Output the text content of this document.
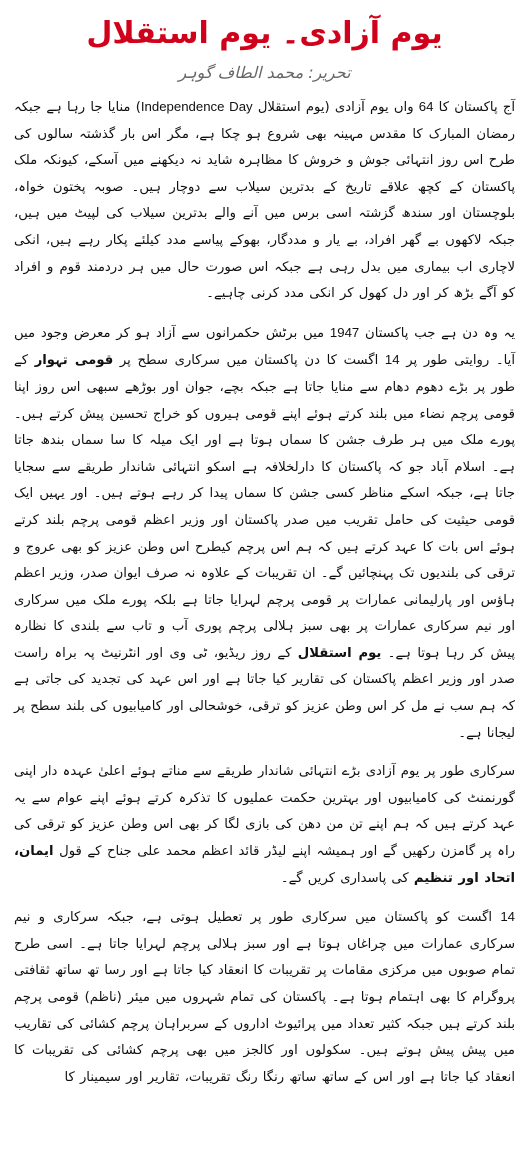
یوم آزادی۔ یوم استقلال
تحریر: محمد الطاف گوہر

آج پاکستان کا 64 واں یوم آزادی (یوم استقلال Independence Day) منایا جا رہا ہے جبکہ رمضان المبارک کا مقدس مہینہ بھی شروع ہو چکا ہے، مگر اس بار گذشتہ سالوں کی طرح اس روز انتہائی جوش و خروش کا مظاہرہ شاید نہ دیکھنے میں آسکے، کیونکہ ملک پاکستان کے کچھ علاقے تاریخ کے بدترین سیلاب سے دوچار ہیں۔ صوبہ پختون خواہ، بلوچستان اور سندھ گزشتہ اسی برس میں آنے والے بدترین سیلاب کی لپیٹ میں ہیں، جبکہ لاکھوں بے گھر افراد، بے یار و مددگار، بھوکے پیاسے مدد کیلئے پکار رہے ہیں، انکی لاچاری اب بیماری میں بدل رہی ہے جبکہ اس صورت حال میں ہر دردمند قوم و افراد کو آگے بڑھ کر اور دل کھول کر انکی مدد کرنی چاہیے۔

یہ وہ دن ہے جب پاکستان 1947 میں برٹش حکمرانوں سے آزاد ہو کر معرض وجود میں آیا۔ روایتی طور پر 14 اگست کا دن پاکستان میں سرکاری سطح پر قومی تہوار کے طور پر بڑے دھوم دھام سے منایا جاتا ہے جبکہ بچے، جوان اور بوڑھے سبھی اس روز اپنا قومی پرچم نضاء میں بلند کرتے ہوئے اپنے قومی ہیروں کو خراج تحسین پیش کرتے ہیں۔ پورے ملک میں ہر طرف جشن کا سماں ہوتا ہے اور ایک میلہ کا سا سماں بندھ جاتا ہے۔ اسلام آباد جو کہ پاکستان کا دارلخلافہ ہے اسکو انتہائی شاندار طریقے سے سجایا جاتا ہے، جبکہ اسکے مناظر کسی جشن کا سماں پیدا کر رہے ہوتے ہیں۔ اور یہیں ایک قومی حیثیت کی حامل تقریب میں صدر پاکستان اور وزیر اعظم قومی پرچم بلند کرتے ہوئے اس بات کا عہد کرتے ہیں کہ ہم اس پرچم کیطرح اس وطن عزیز کو بھی عروج و ترقی کی بلندیوں تک پہنچائیں گے۔ ان تقریبات کے علاوہ نہ صرف ایوان صدر، وزیر اعظم ہاؤس اور پارلیمانی عمارات پر قومی پرچم لہرایا جاتا ہے بلکہ پورے ملک میں سرکاری اور نیم سرکاری عمارات پر بھی سبز ہلالی پرچم پوری آب و تاب سے بلندی کا نظارہ پیش کر رہا ہوتا ہے۔ یوم استقلال کے روز ریڈیو، ٹی وی اور انٹرنیٹ پہ براہ راست صدر اور وزیر اعظم پاکستان کی تقاریر کیا جاتا ہے اور اس عہد کی تجدید کی جاتی ہے کہ ہم سب نے مل کر اس وطن عزیز کو ترقی، خوشحالی اور کامیابیوں کی بلند سطح پر لیجانا ہے۔

سرکاری طور پر یوم آزادی بڑے انتہائی شاندار طریقے سے مناتے ہوئے اعلیٰ عہدہ دار اپنی گورنمنٹ کی کامیابیوں اور بہترین حکمت عملیوں کا تذکرہ کرتے ہوئے اپنے عوام سے یہ عہد کرتے ہیں کہ ہم اپنے تن من دھن کی بازی لگا کر بھی اس وطن عزیز کو ترقی کی راہ پر گامزن رکھیں گے اور ہمیشہ اپنے لیڈر قائد اعظم محمد علی جناح کے قول ایمان، اتحاد اور تنظیم کی پاسداری کریں گے۔

14 اگست کو پاکستان میں سرکاری طور پر تعطیل ہوتی ہے، جبکہ سرکاری و نیم سرکاری عمارات میں چراغاں ہوتا ہے اور سبز ہلالی پرچم لہرایا جاتا ہے۔ اسی طرح تمام صوبوں میں مرکزی مقامات پر تقریبات کا انعقاد کیا جاتا ہے اور رسا تھ ساتھ ثقافتی پروگرام کا بھی اہتمام ہوتا ہے۔ پاکستان کی تمام شہروں میں میئر (ناظم) قومی پرچم بلند کرتے ہیں جبکہ کثیر تعداد میں پرائیوٹ اداروں کے سربراہان پرچم کشائی کی تقاریب میں پیش پیش ہوتے ہیں۔ سکولوں اور کالجز میں بھی پرچم کشائی کی تقریبات کا انعقاد کیا جاتا ہے اور اس کے ساتھ ساتھ رنگا رنگ تقریبات، تقاریر اور سیمینار کا
